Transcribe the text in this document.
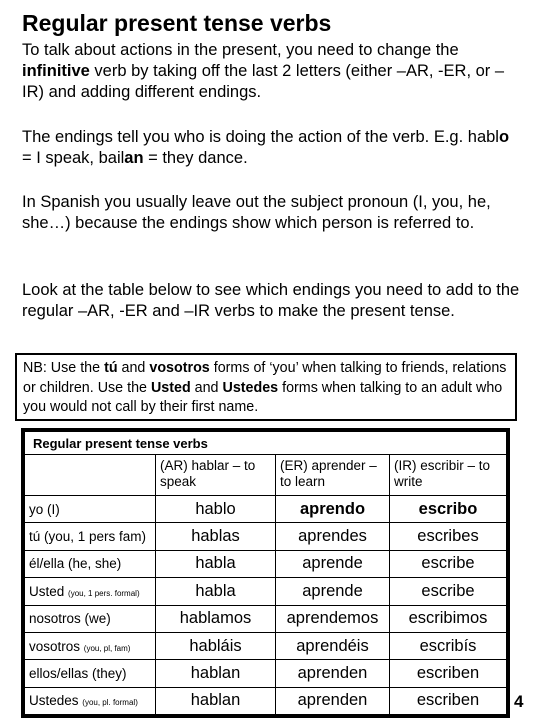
Regular present tense verbs

To talk about actions in the present, you need to change the infinitive verb by taking off the last 2 letters (either –AR, -ER, or –IR) and adding different endings.

The endings tell you who is doing the action of the verb. E.g. hablo = I speak, bailan = they dance.

In Spanish you usually leave out the subject pronoun (I, you, he, she…) because the endings show which person is referred to.

Look at the table below to see which endings you need to add to the regular –AR, -ER and –IR verbs to make the present tense.

NB: Use the tú and vosotros forms of ‘you’ when talking to friends, relations or children. Use the Usted and Ustedes forms when talking to an adult who you would not call by their first name.
Regular present tense verbs			
	(AR) hablar – to speak	(ER) aprender – to learn	(IR) escribir – to write
yo (I)	hablo	aprendo	escribo
tú (you, 1 pers fam)	hablas	aprendes	escribes
él/ella (he, she)	habla	aprende	escribe
Usted (you, 1 pers. formal)	habla	aprende	escribe
nosotros (we)	hablamos	aprendemos	escribimos
vosotros (you, pl, fam)	habláis	aprendéis	escribís
ellos/ellas (they)	hablan	aprenden	escriben
Ustedes (you, pl. formal)	hablan	aprenden	escriben 4
